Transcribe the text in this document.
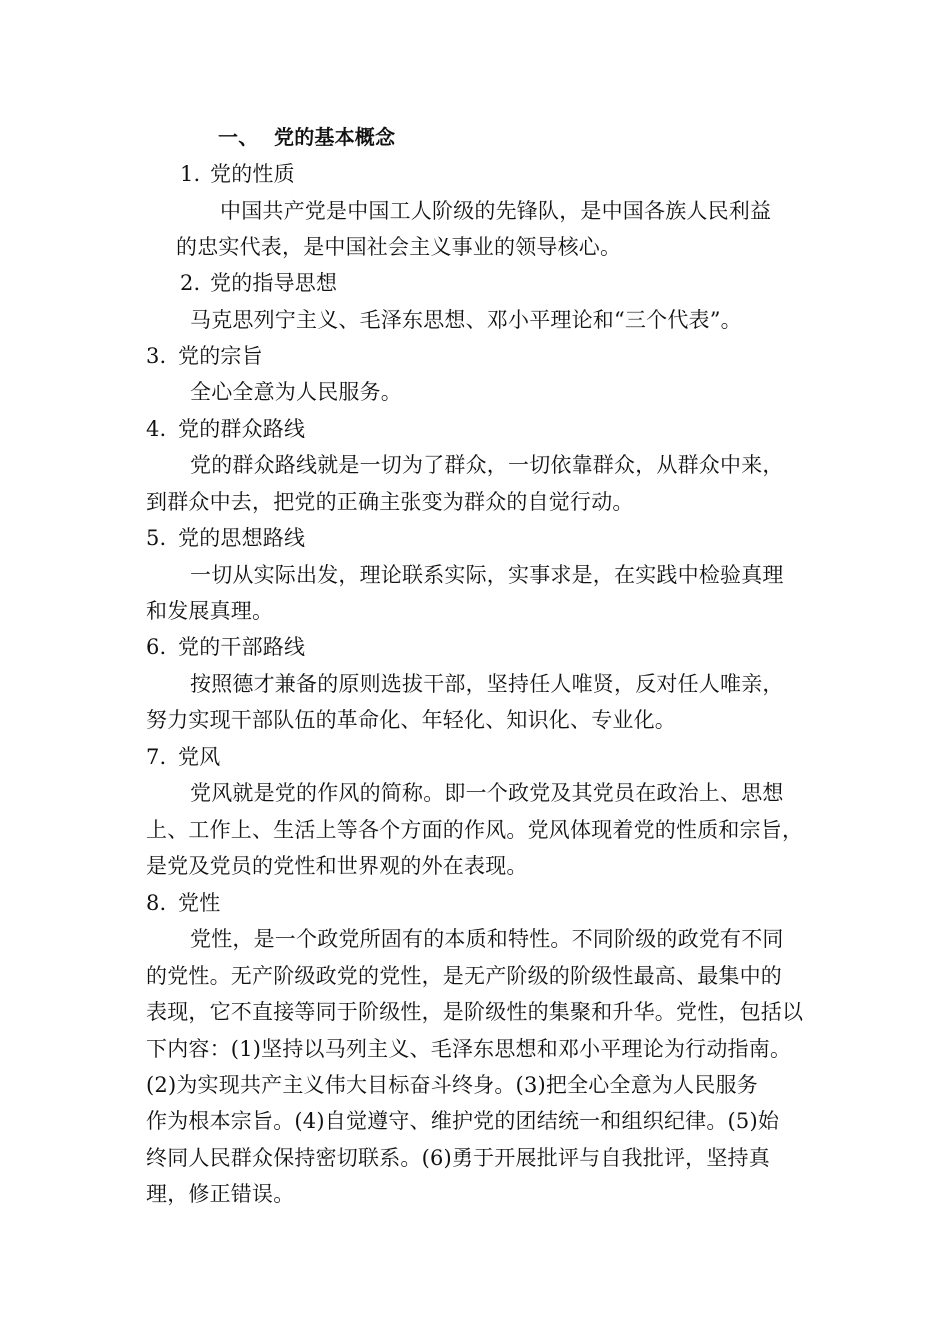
一、 党的基本概念
1. 党的性质
中国共产党是中国工人阶级的先锋队，是中国各族人民利益
的忠实代表，是中国社会主义事业的领导核心。
2. 党的指导思想
马克思列宁主义、毛泽东思想、邓小平理论和“三个代表”。
3. 党的宗旨
全心全意为人民服务。
4. 党的群众路线
党的群众路线就是一切为了群众，一切依靠群众，从群众中来，
到群众中去，把党的正确主张变为群众的自觉行动。
5. 党的思想路线
一切从实际出发，理论联系实际，实事求是，在实践中检验真理
和发展真理。
6. 党的干部路线
按照德才兼备的原则选拔干部，坚持任人唯贤，反对任人唯亲，
努力实现干部队伍的革命化、年轻化、知识化、专业化。
7. 党风
党风就是党的作风的简称。即一个政党及其党员在政治上、思想
上、工作上、生活上等各个方面的作风。党风体现着党的性质和宗旨，
是党及党员的党性和世界观的外在表现。
8. 党性
党性，是一个政党所固有的本质和特性。不同阶级的政党有不同
的党性。无产阶级政党的党性，是无产阶级的阶级性最高、最集中的
表现，它不直接等同于阶级性，是阶级性的集聚和升华。党性，包括以
下内容：(1)坚持以马列主义、毛泽东思想和邓小平理论为行动指南。
(2)为实现共产主义伟大目标奋斗终身。(3)把全心全意为人民服务
作为根本宗旨。(4)自觉遵守、维护党的团结统一和组织纪律。(5)始
终同人民群众保持密切联系。(6)勇于开展批评与自我批评，坚持真
理，修正错误。
